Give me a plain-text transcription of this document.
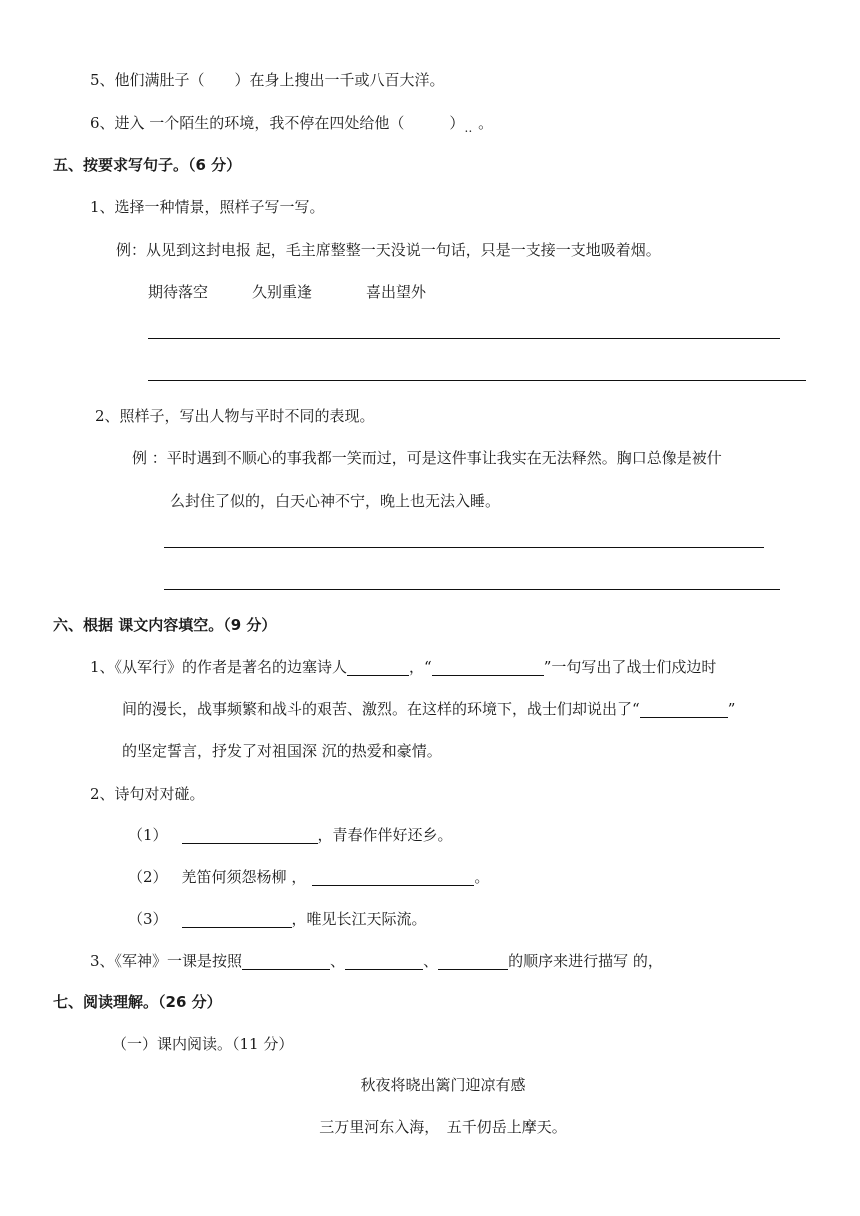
5、他们满肚子（　　）在身上搜出一千或八百大洋。
6、进入 一个陌生的环境，我不停在四处给他（　　　）$_‥$ 。
五、按要求写句子。（6 分）
1、选择一种情景，照样子写一写。
例：从见到这封电报 起，毛主席整整一天没说一句话，只是一支接一支地吸着烟。
期待落空	久别重逢	喜出望外
2、照样子，写出人物与平时不同的表现。
例 ：平时遇到不顺心的事我都一笑而过，可是这件事让我实在无法释然。胸口总像是被什
么封住了似的，白天心神不宁，晚上也无法入睡。
六、根据 课文内容填空。（9 分）
1、《从军行》的作者是著名的边塞诗人	，“	”一句写出了战士们戍边时
间的漫长，战事频繁和战斗的艰苦、激烈。在这样的环境下，战士们却说出了“	”
的坚定誓言，抒发了对祖国深 沉的热爱和豪情。
2、诗句对对碰。
（1）	，青春作伴好还乡。
（2） 羌笛何须怨杨柳 ，	。
（3）	，唯见长江天际流。
3、《军神》一课是按照	、	、	的顺序来进行描写 的，
七、阅读理解。（26 分）
（一）课内阅读。（11 分）
秋夜将晓出篱门迎凉有感
三万里河东入海，　五千仞岳上摩天。
